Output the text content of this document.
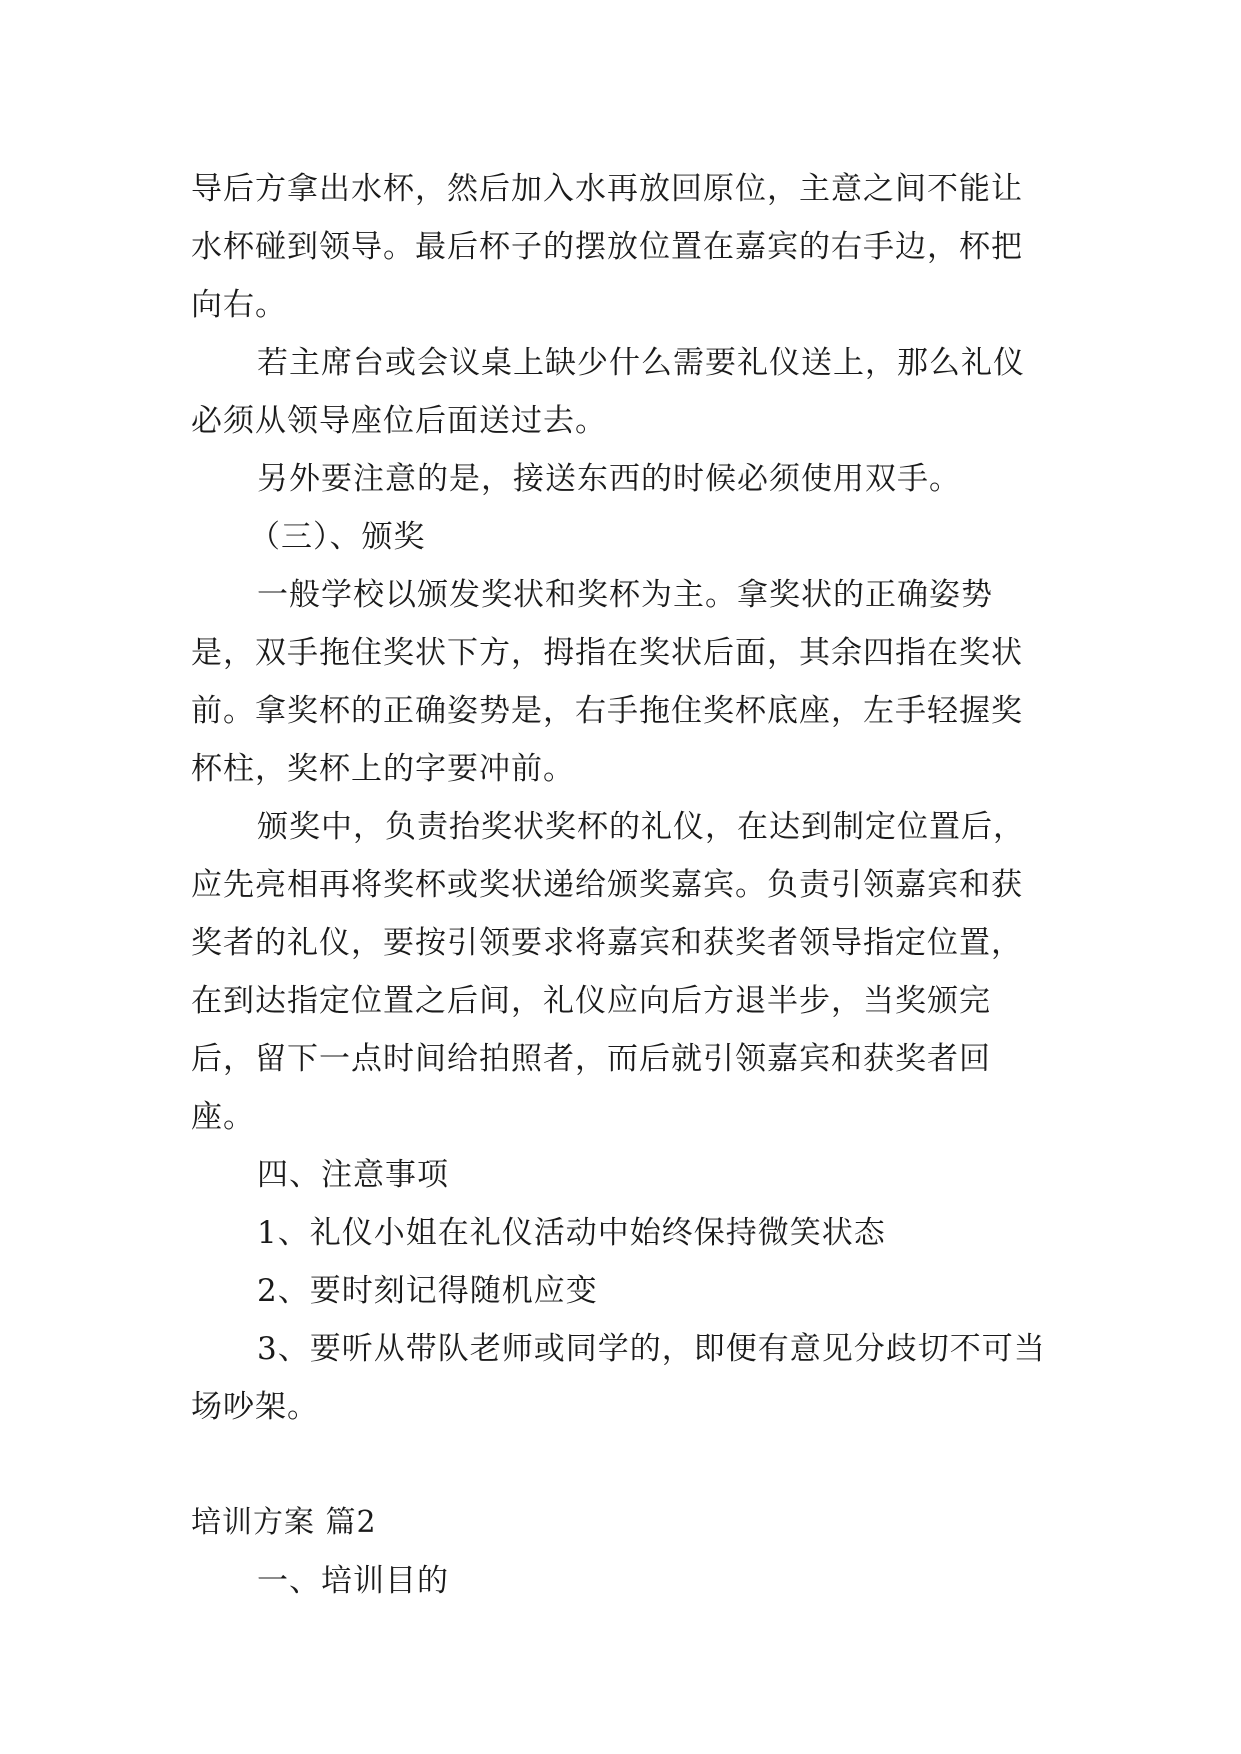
导后方拿出水杯，然后加入水再放回原位，主意之间不能让水杯碰到领导。最后杯子的摆放位置在嘉宾的右手边，杯把向右。

若主席台或会议桌上缺少什么需要礼仪送上，那么礼仪必须从领导座位后面送过去。

另外要注意的是，接送东西的时候必须使用双手。

（三）、颁奖

一般学校以颁发奖状和奖杯为主。拿奖状的正确姿势是，双手拖住奖状下方，拇指在奖状后面，其余四指在奖状前。拿奖杯的正确姿势是，右手拖住奖杯底座，左手轻握奖杯柱，奖杯上的字要冲前。

颁奖中，负责抬奖状奖杯的礼仪，在达到制定位置后，应先亮相再将奖杯或奖状递给颁奖嘉宾。负责引领嘉宾和获奖者的礼仪，要按引领要求将嘉宾和获奖者领导指定位置，在到达指定位置之后间，礼仪应向后方退半步，当奖颁完后，留下一点时间给拍照者，而后就引领嘉宾和获奖者回座。

四、注意事项

1、礼仪小姐在礼仪活动中始终保持微笑状态

2、要时刻记得随机应变

3、要听从带队老师或同学的，即便有意见分歧切不可当场吵架。

培训方案 篇2

一、培训目的
